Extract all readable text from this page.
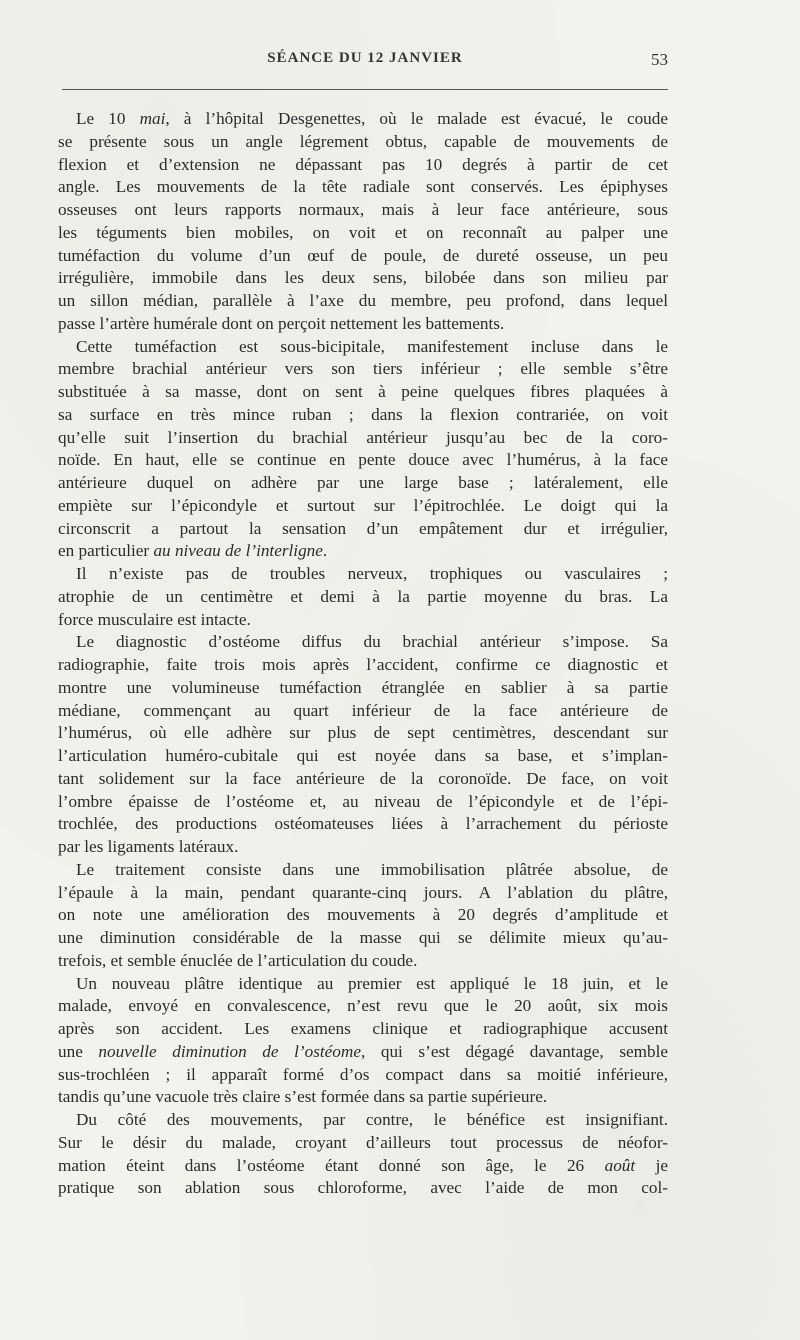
SÉANCE DU 12 JANVIER	53
Le 10 mai, à l’hôpital Desgenettes, où le malade est évacué, le coude
se présente sous un angle légrement obtus, capable de mouvements de
flexion et d’extension ne dépassant pas 10 degrés à partir de cet
angle. Les mouvements de la tête radiale sont conservés. Les épiphyses
osseuses ont leurs rapports normaux, mais à leur face antérieure, sous
les téguments bien mobiles, on voit et on reconnaît au palper une
tuméfaction du volume d’un œuf de poule, de dureté osseuse, un peu
irrégulière, immobile dans les deux sens, bilobée dans son milieu par
un sillon médian, parallèle à l’axe du membre, peu profond, dans lequel
passe l’artère humérale dont on perçoit nettement les battements.
Cette tuméfaction est sous-bicipitale, manifestement incluse dans le
membre brachial antérieur vers son tiers inférieur ; elle semble s’être
substituée à sa masse, dont on sent à peine quelques fibres plaquées à
sa surface en très mince ruban ; dans la flexion contrariée, on voit
qu’elle suit l’insertion du brachial antérieur jusqu’au bec de la coro-
noïde. En haut, elle se continue en pente douce avec l’humérus, à la face
antérieure duquel on adhère par une large base ; latéralement, elle
empiète sur l’épicondyle et surtout sur l’épitrochlée. Le doigt qui la
circonscrit a partout la sensation d’un empâtement dur et irrégulier,
en particulier au niveau de l’interligne.
Il n’existe pas de troubles nerveux, trophiques ou vasculaires ;
atrophie de un centimètre et demi à la partie moyenne du bras. La
force musculaire est intacte.
Le diagnostic d’ostéome diffus du brachial antérieur s’impose. Sa
radiographie, faite trois mois après l’accident, confirme ce diagnostic et
montre une volumineuse tuméfaction étranglée en sablier à sa partie
médiane, commençant au quart inférieur de la face antérieure de
l’humérus, où elle adhère sur plus de sept centimètres, descendant sur
l’articulation huméro-cubitale qui est noyée dans sa base, et s’implan-
tant solidement sur la face antérieure de la coronoïde. De face, on voit
l’ombre épaisse de l’ostéome et, au niveau de l’épicondyle et de l’épi-
trochlée, des productions ostéomateuses liées à l’arrachement du périoste
par les ligaments latéraux.
Le traitement consiste dans une immobilisation plâtrée absolue, de
l’épaule à la main, pendant quarante-cinq jours. A l’ablation du plâtre,
on note une amélioration des mouvements à 20 degrés d’amplitude et
une diminution considérable de la masse qui se délimite mieux qu’au-
trefois, et semble énuclée de l’articulation du coude.
Un nouveau plâtre identique au premier est appliqué le 18 juin, et le
malade, envoyé en convalescence, n’est revu que le 20 août, six mois
après son accident. Les examens clinique et radiographique accusent
une nouvelle diminution de l’ostéome, qui s’est dégagé davantage, semble
sus-trochléen ; il apparaît formé d’os compact dans sa moitié inférieure,
tandis qu’une vacuole très claire s’est formée dans sa partie supérieure.
Du côté des mouvements, par contre, le bénéfice est insignifiant.
Sur le désir du malade, croyant d’ailleurs tout processus de néofor-
mation éteint dans l’ostéome étant donné son âge, le 26 août je
pratique son ablation sous chloroforme, avec l’aide de mon col-
